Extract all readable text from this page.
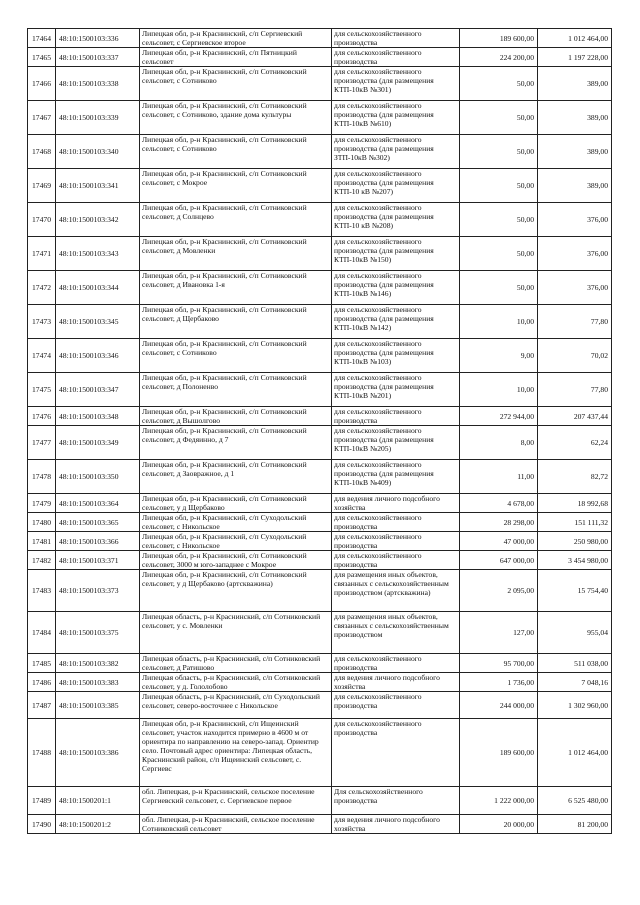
17464	48:10:1500103:336	Липецкая обл, р-н Краснинский, с/п Сергиевский сельсовет, с Сергиевское второе	для сельскохозяйственного производства	189 600,00	1 012 464,00
17465	48:10:1500103:337	Липецкая обл, р-н Краснинский, с/п Пятницкий сельсовет	для сельскохозяйственного производства	224 200,00	1 197 228,00
17466	48:10:1500103:338	Липецкая обл, р-н Краснинский, с/п Сотниковский сельсовет, с Сотниково	для сельскохозяйственного производства (для размещения КТП-10кВ №301)	50,00	389,00
17467	48:10:1500103:339	Липецкая обл, р-н Краснинский, с/п Сотниковский сельсовет, с Сотниково, здание дома культуры	для сельскохозяйственного производства (для размещения КТП-10кВ №610)	50,00	389,00
17468	48:10:1500103:340	Липецкая обл, р-н Краснинский, с/п Сотниковский сельсовет, с Сотниково	для сельскохозяйственного производства (для размещения ЗТП-10кВ №302)	50,00	389,00
17469	48:10:1500103:341	Липецкая обл, р-н Краснинский, с/п Сотниковский сельсовет, с Мокрое	для сельскохозяйственного производства (для размещения КТП-10 кВ №207)	50,00	389,00
17470	48:10:1500103:342	Липецкая обл, р-н Краснинский, с/п Сотниковский сельсовет, д Солнцево	для сельскохозяйственного производства (для размещения КТП-10 кВ №208)	50,00	376,00
17471	48:10:1500103:343	Липецкая обл, р-н Краснинский, с/п Сотниковский сельсовет, д Мовленки	для сельскохозяйственного производства (для размещения КТП-10кВ №150)	50,00	376,00
17472	48:10:1500103:344	Липецкая обл, р-н Краснинский, с/п Сотниковский сельсовет, д Ивановка 1-я	для сельскохозяйственного производства (для размещения КТП-10кВ №146)	50,00	376,00
17473	48:10:1500103:345	Липецкая обл, р-н Краснинский, с/п Сотниковский сельсовет, д Щербаково	для сельскохозяйственного производства (для размещения КТП-10кВ №142)	10,00	77,80
17474	48:10:1500103:346	Липецкая обл, р-н Краснинский, с/п Сотниковский сельсовет, с Сотниково	для сельскохозяйственного производства (для размещения КТП-10кВ №103)	9,00	70,02
17475	48:10:1500103:347	Липецкая обл, р-н Краснинский, с/п Сотниковский сельсовет, д Полоненво	для сельскохозяйственного производства (для размещения КТП-10кВ №201)	10,00	77,80
17476	48:10:1500103:348	Липецкая обл, р-н Краснинский, с/п Сотниковский сельсовет, д Вышолгово	для сельскохозяйственного производства	272 944,00	207 437,44
17477	48:10:1500103:349	Липецкая обл, р-н Краснинский, с/п Сотниковский сельсовет, д Федяинно, д 7	для сельскохозяйственного производства (для размещения КТП-10кВ №205)	8,00	62,24
17478	48:10:1500103:350	Липецкая обл, р-н Краснинский, с/п Сотниковский сельсовет, д Заовражное, д 1	для сельскохозяйственного производства (для размещения КТП-10кВ №409)	11,00	82,72
17479	48:10:1500103:364	Липецкая обл, р-н Краснинский, с/п Сотниковский сельсовет, у д Щербаково	для ведения личного подсобного хозяйства	4 678,00	18 992,68
17480	48:10:1500103:365	Липецкая обл, р-н Краснинский, с/п Суходольский сельсовет, с Никольское	для сельскохозяйственного производства	28 298,00	151 111,32
17481	48:10:1500103:366	Липецкая обл, р-н Краснинский, с/п Суходольский сельсовет, с Никольское	для сельскохозяйственного производства	47 000,00	250 980,00
17482	48:10:1500103:371	Липецкая обл, р-н Краснинский, с/п Сотниковский сельсовет, 3000 м юго-западнее с Мокрое	для сельскохозяйственного производства	647 000,00	3 454 980,00
17483	48:10:1500103:373	Липецкая обл, р-н Краснинский, с/п Сотниковский сельсовет, у д Щербаково (артскважина)	для размещения иных объектов, связанных с сельскохозяйственным производством (артскважина)	2 095,00	15 754,40
17484	48:10:1500103:375	Липецкая область, р-н Краснинский, с/п Сотниковский сельсовет, у с. Мовленки	для размещения иных объектов, связанных с сельскохозяйственным производством	127,00	955,04
17485	48:10:1500103:382	Липецкая область, р-н Краснинский, с/п Сотниковский сельсовет, д Ратишово	для сельскохозяйственного производства	95 700,00	511 038,00
17486	48:10:1500103:383	Липецкая область, р-н Краснинский, с/п Сотниковский сельсовет, у д. Гололобово	для ведения личного подсобного хозяйства	1 736,00	7 048,16
17487	48:10:1500103:385	Липецкая область, р-н Краснинский, с/п Суходольский сельсовет, северо-восточнее с Никольское	для сельскохозяйственного производства	244 000,00	1 302 960,00
17488	48:10:1500103:386	Липецкая обл, р-н Краснинский, с/п Ищеинский сельсовет, участок находится примерно в 4600 м от ориентира по направлению на северо-запад. Ориентир село. Почтовый адрес ориентира: Липецкая область, Краснинский район, с/п Ищеинский сельсовет, с. Сергиевс	для сельскохозяйственного производства	189 600,00	1 012 464,00
17489	48:10:1500201:1	обл. Липецкая, р-н Краснинский, сельское поселение Сергиевский сельсовет, с. Сергиевское первое	Для сельскохозяйственного производства	1 222 000,00	6 525 480,00
17490	48:10:1500201:2	обл. Липецкая, р-н Краснинский, сельское поселение Сотниковский сельсовет	для ведения личного подсобного хозяйства	20 000,00	81 200,00
